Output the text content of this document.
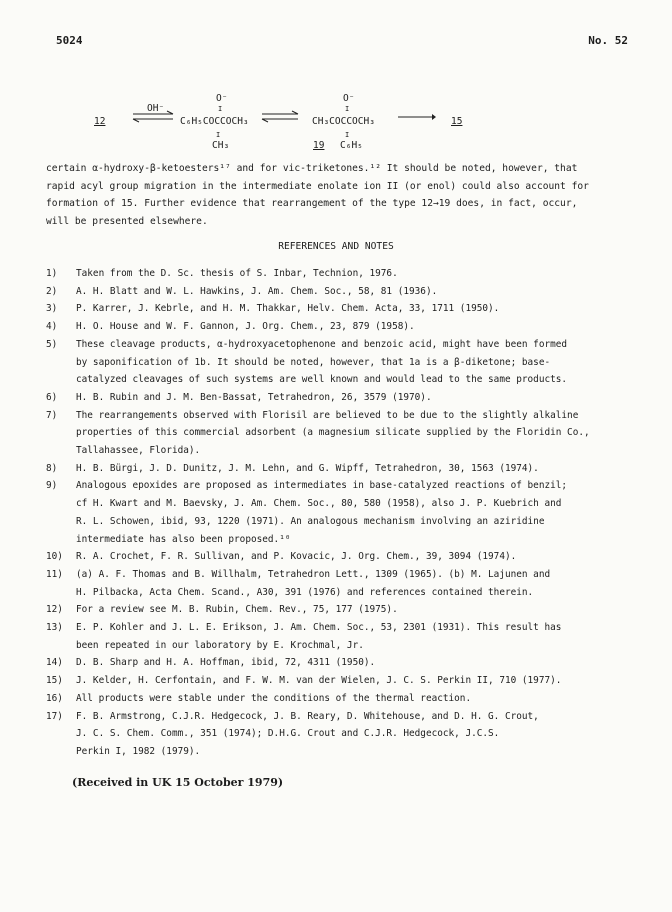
5024	No. 52
12
OH⁻
O⁻
I
C₆H₅COCCOCH₃
I
CH₃
O⁻
I
CH₃COCCOCH₃
I
19 C₆H₅
→ 15
certain α-hydroxy-β-ketoesters¹⁷ and for vic-triketones.¹² It should be noted, however, that
rapid acyl group migration in the intermediate enolate ion II (or enol) could also account for
formation of 15. Further evidence that rearrangement of the type 12→19 does, in fact, occur,
will be presented elsewhere.
REFERENCES AND NOTES
1)	Taken from the D. Sc. thesis of S. Inbar, Technion, 1976.
2)	A. H. Blatt and W. L. Hawkins, J. Am. Chem. Soc., 58, 81 (1936).
3)	P. Karrer, J. Kebrle, and H. M. Thakkar, Helv. Chem. Acta, 33, 1711 (1950).
4)	H. O. House and W. F. Gannon, J. Org. Chem., 23, 879 (1958).
5)	These cleavage products, α-hydroxyacetophenone and benzoic acid, might have been formed
by saponification of 1b. It should be noted, however, that 1a is a β-diketone; base-
catalyzed cleavages of such systems are well known and would lead to the same products.
6)	H. B. Rubin and J. M. Ben-Bassat, Tetrahedron, 26, 3579 (1970).
7)	The rearrangements observed with Florisil are believed to be due to the slightly alkaline
properties of this commercial adsorbent (a magnesium silicate supplied by the Floridin Co.,
Tallahassee, Florida).
8)	H. B. Bürgi, J. D. Dunitz, J. M. Lehn, and G. Wipff, Tetrahedron, 30, 1563 (1974).
9)	Analogous epoxides are proposed as intermediates in base-catalyzed reactions of benzil;
cf H. Kwart and M. Baevsky, J. Am. Chem. Soc., 80, 580 (1958), also J. P. Kuebrich and
R. L. Schowen, ibid, 93, 1220 (1971). An analogous mechanism involving an aziridine
intermediate has also been proposed.¹⁰
10)	R. A. Crochet, F. R. Sullivan, and P. Kovacic, J. Org. Chem., 39, 3094 (1974).
11)	(a) A. F. Thomas and B. Willhalm, Tetrahedron Lett., 1309 (1965). (b) M. Lajunen and
H. Pilbacka, Acta Chem. Scand., A30, 391 (1976) and references contained therein.
12)	For a review see M. B. Rubin, Chem. Rev., 75, 177 (1975).
13)	E. P. Kohler and J. L. E. Erikson, J. Am. Chem. Soc., 53, 2301 (1931). This result has
been repeated in our laboratory by E. Krochmal, Jr.
14)	D. B. Sharp and H. A. Hoffman, ibid, 72, 4311 (1950).
15)	J. Kelder, H. Cerfontain, and F. W. M. van der Wielen, J. C. S. Perkin II, 710 (1977).
16)	All products were stable under the conditions of the thermal reaction.
17)	F. B. Armstrong, C.J.R. Hedgecock, J. B. Reary, D. Whitehouse, and D. H. G. Crout,
J. C. S. Chem. Comm., 351 (1974); D.H.G. Crout and C.J.R. Hedgecock, J.C.S.
Perkin I, 1982 (1979).
(Received in UK 15 October 1979)
